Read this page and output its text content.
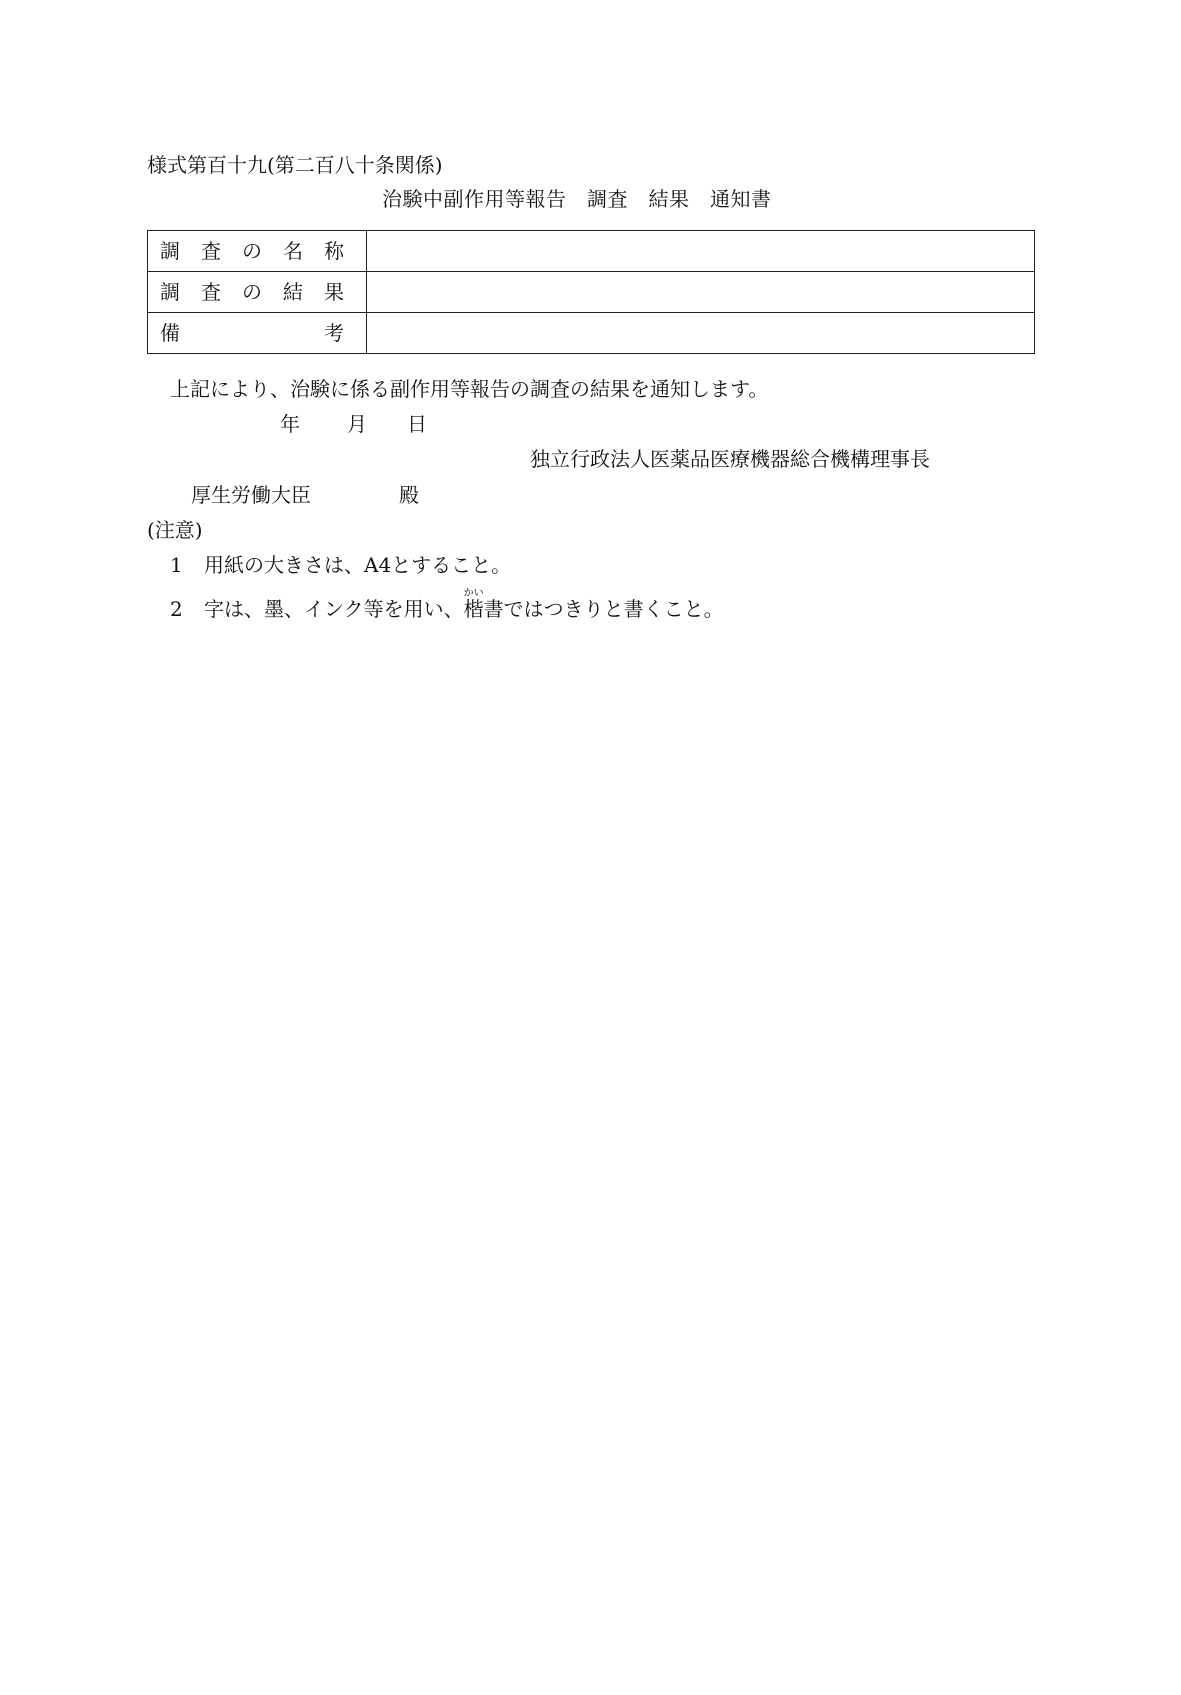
様式第百十九(第二百八十条関係)
治験中副作用等報告　調査　結果　通知書
調 査 の 名 称	

調 査 の 結 果	

備 考	

上記により、治験に係る副作用等報告の調査の結果を通知します。
年 月 日
独立行政法人医薬品医療機器総合機構理事長
厚生労働大臣	殿
(注意)
1 用紙の大きさは、A4とすること。
2 字は、墨、インク等を用い、楷かい書ではつきりと書くこと。
